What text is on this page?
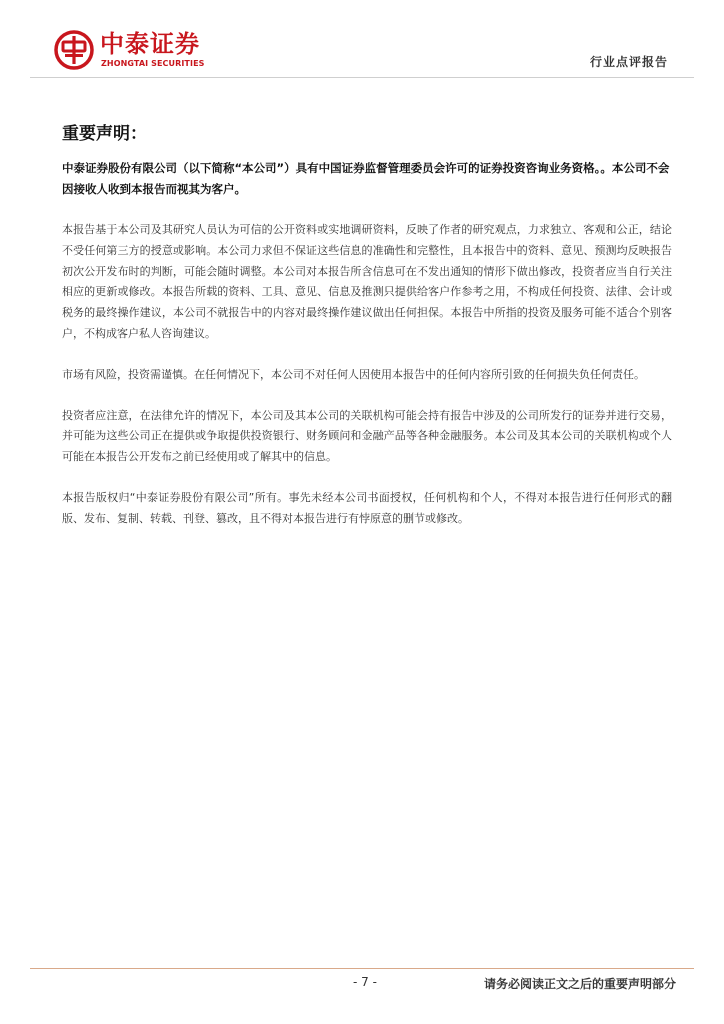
中泰证券
ZHONGTAI SECURITIES	行业点评报告
重要声明：

中泰证券股份有限公司（以下简称“本公司”）具有中国证券监督管理委员会许可的证券投资咨询业务资格。。本公司不会因接收人收到本报告而视其为客户。

本报告基于本公司及其研究人员认为可信的公开资料或实地调研资料，反映了作者的研究观点，力求独立、客观和公正，结论不受任何第三方的授意或影响。本公司力求但不保证这些信息的准确性和完整性，且本报告中的资料、意见、预测均反映报告初次公开发布时的判断，可能会随时调整。本公司对本报告所含信息可在不发出通知的情形下做出修改，投资者应当自行关注相应的更新或修改。本报告所载的资料、工具、意见、信息及推测只提供给客户作参考之用，不构成任何投资、法律、会计或税务的最终操作建议，本公司不就报告中的内容对最终操作建议做出任何担保。本报告中所指的投资及服务可能不适合个别客户，不构成客户私人咨询建议。

市场有风险，投资需谨慎。在任何情况下，本公司不对任何人因使用本报告中的任何内容所引致的任何损失负任何责任。

投资者应注意，在法律允许的情况下，本公司及其本公司的关联机构可能会持有报告中涉及的公司所发行的证券并进行交易，并可能为这些公司正在提供或争取提供投资银行、财务顾问和金融产品等各种金融服务。本公司及其本公司的关联机构或个人可能在本报告公开发布之前已经使用或了解其中的信息。

本报告版权归“中泰证券股份有限公司”所有。事先未经本公司书面授权，任何机构和个人，不得对本报告进行任何形式的翻版、发布、复制、转载、刊登、篡改，且不得对本报告进行有悖原意的删节或修改。

- 7 -	请务必阅读正文之后的重要声明部分
